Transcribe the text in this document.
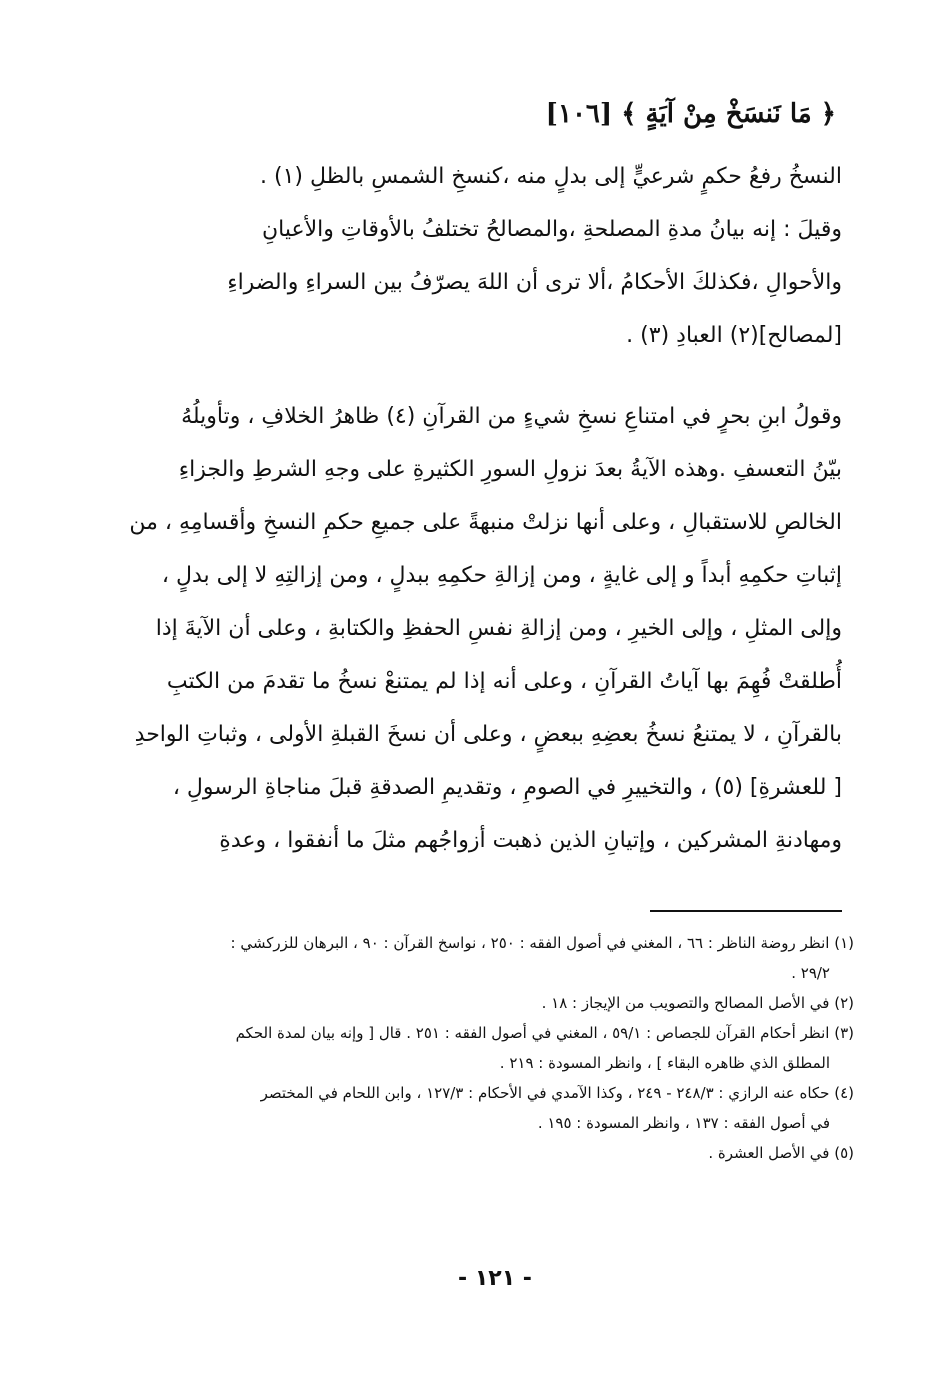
﴿ مَا نَنسَخْ مِنْ آيَةٍ ﴾ [١٠٦]
النسخُ رفعُ حكمٍ شرعيٍّ إلى بدلٍ منه ،كنسخِ الشمسِ بالظلِ (١) .
وقيلَ : إنه بيانُ مدةِ المصلحةِ ،والمصالحُ تختلفُ بالأوقاتِ والأعيانِ
والأحوالِ ،فكذلكَ الأحكامُ ،ألا ترى أن اللهَ يصرّفُ بين السراءِ والضراءِ
[لمصالح](٢) العبادِ (٣) .
وقولُ ابنِ بحرٍ في امتناعِ نسخِ شيءٍ من القرآنِ (٤) ظاهرُ الخلافِ ، وتأويلُهُ
بيّنُ التعسفِ .وهذه الآيةُ بعدَ نزولِ السورِ الكثيرةِ على وجهِ الشرطِ والجزاءِ
الخالصِ للاستقبالِ ، وعلى أنها نزلتْ منبهةً على جميعِ حكمِ النسخِ وأقسامِهِ ، من
إثباتِ حكمِهِ أبداً و إلى غايةٍ ، ومن إزالةِ حكمِهِ ببدلٍ ، ومن إزالتِهِ لا إلى بدلٍ ،
وإلى المثلِ ، وإلى الخيرِ ، ومن إزالةِ نفسِ الحفظِ والكتابةِ ، وعلى أن الآيةَ إذا
أُطلقتْ فُهِمَ بها آياتُ القرآنِ ، وعلى أنه إذا لم يمتنعْ نسخُ ما تقدمَ من الكتبِ
بالقرآنِ ، لا يمتنعُ نسخُ بعضِهِ ببعضٍ ، وعلى أن نسخَ القبلةِ الأولى ، وثباتِ الواحدِ
[ للعشرةِ] (٥) ، والتخييرِ في الصومِ ، وتقديمِ الصدقةِ قبلَ مناجاةِ الرسولِ ،
ومهادنةِ المشركين ، وإتيانِ الذين ذهبت أزواجُهم مثلَ ما أنفقوا ، وعدةِ
(١) انظر روضة الناظر : ٦٦ ، المغني في أصول الفقه : ٢٥٠ ، نواسخ القرآن : ٩٠ ، البرهان للزركشي :
٢٩/٢ .
(٢) في الأصل المصالح والتصويب من الإيجاز : ١٨ .
(٣) انظر أحكام القرآن للجصاص : ٥٩/١ ، المغني في أصول الفقه : ٢٥١ . قال [ وإنه بيان لمدة الحكم
المطلق الذي ظاهره البقاء ] ، وانظر المسودة : ٢١٩ .
(٤) حكاه عنه الرازي : ٢٤٨/٣ - ٢٤٩ ، وكذا الآمدي في الأحكام : ١٢٧/٣ ، وابن اللحام في المختصر
في أصول الفقه : ١٣٧ ، وانظر المسودة : ١٩٥ .
(٥) في الأصل العشرة .
- ١٢١ -
